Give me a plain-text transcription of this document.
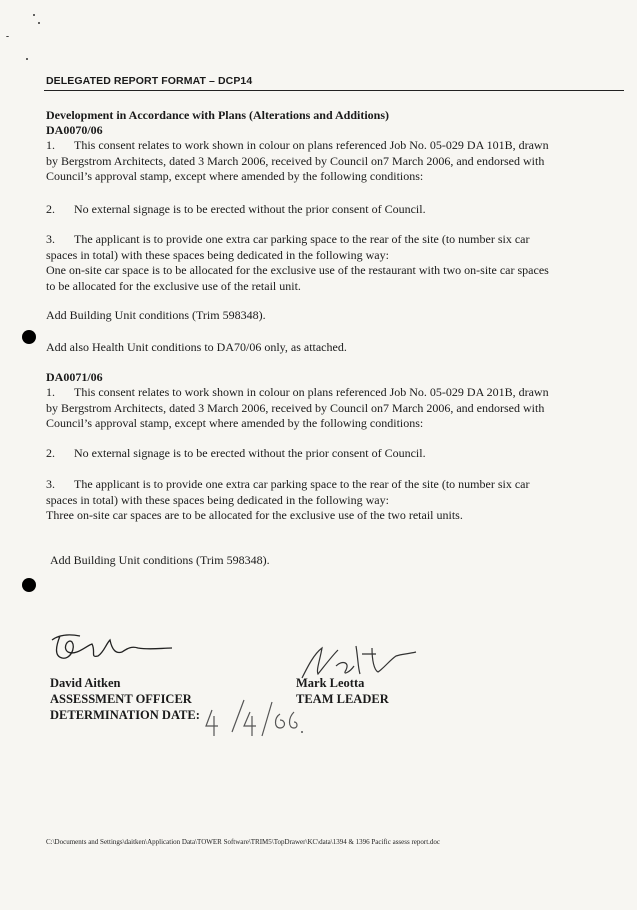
DELEGATED REPORT FORMAT – DCP14
Development in Accordance with Plans (Alterations and Additions)
DA0070/06
1. This consent relates to work shown in colour on plans referenced Job No. 05-029 DA 101B, drawn
by Bergstrom Architects, dated 3 March 2006, received by Council on7 March 2006, and endorsed with
Council’s approval stamp, except where amended by the following conditions:
2. No external signage is to be erected without the prior consent of Council.
3. The applicant is to provide one extra car parking space to the rear of the site (to number six car
spaces in total) with these spaces being dedicated in the following way:
One on-site car space is to be allocated for the exclusive use of the restaurant with two on-site car spaces
to be allocated for the exclusive use of the retail unit.
Add Building Unit conditions (Trim 598348).
Add also Health Unit conditions to DA70/06 only, as attached.
DA0071/06
1. This consent relates to work shown in colour on plans referenced Job No. 05-029 DA 201B, drawn
by Bergstrom Architects, dated 3 March 2006, received by Council on7 March 2006, and endorsed with
Council’s approval stamp, except where amended by the following conditions:
2. No external signage is to be erected without the prior consent of Council.
3. The applicant is to provide one extra car parking space to the rear of the site (to number six car
spaces in total) with these spaces being dedicated in the following way:
Three on-site car spaces are to be allocated for the exclusive use of the two retail units.
Add Building Unit conditions (Trim 598348).
David Aitken
ASSESSMENT OFFICER
DETERMINATION DATE:
Mark Leotta
TEAM LEADER
C:\Documents and Settings\daitken\Application Data\TOWER Software\TRIM5\TopDrawer\KC\data\1394 & 1396 Pacific assess report.doc
